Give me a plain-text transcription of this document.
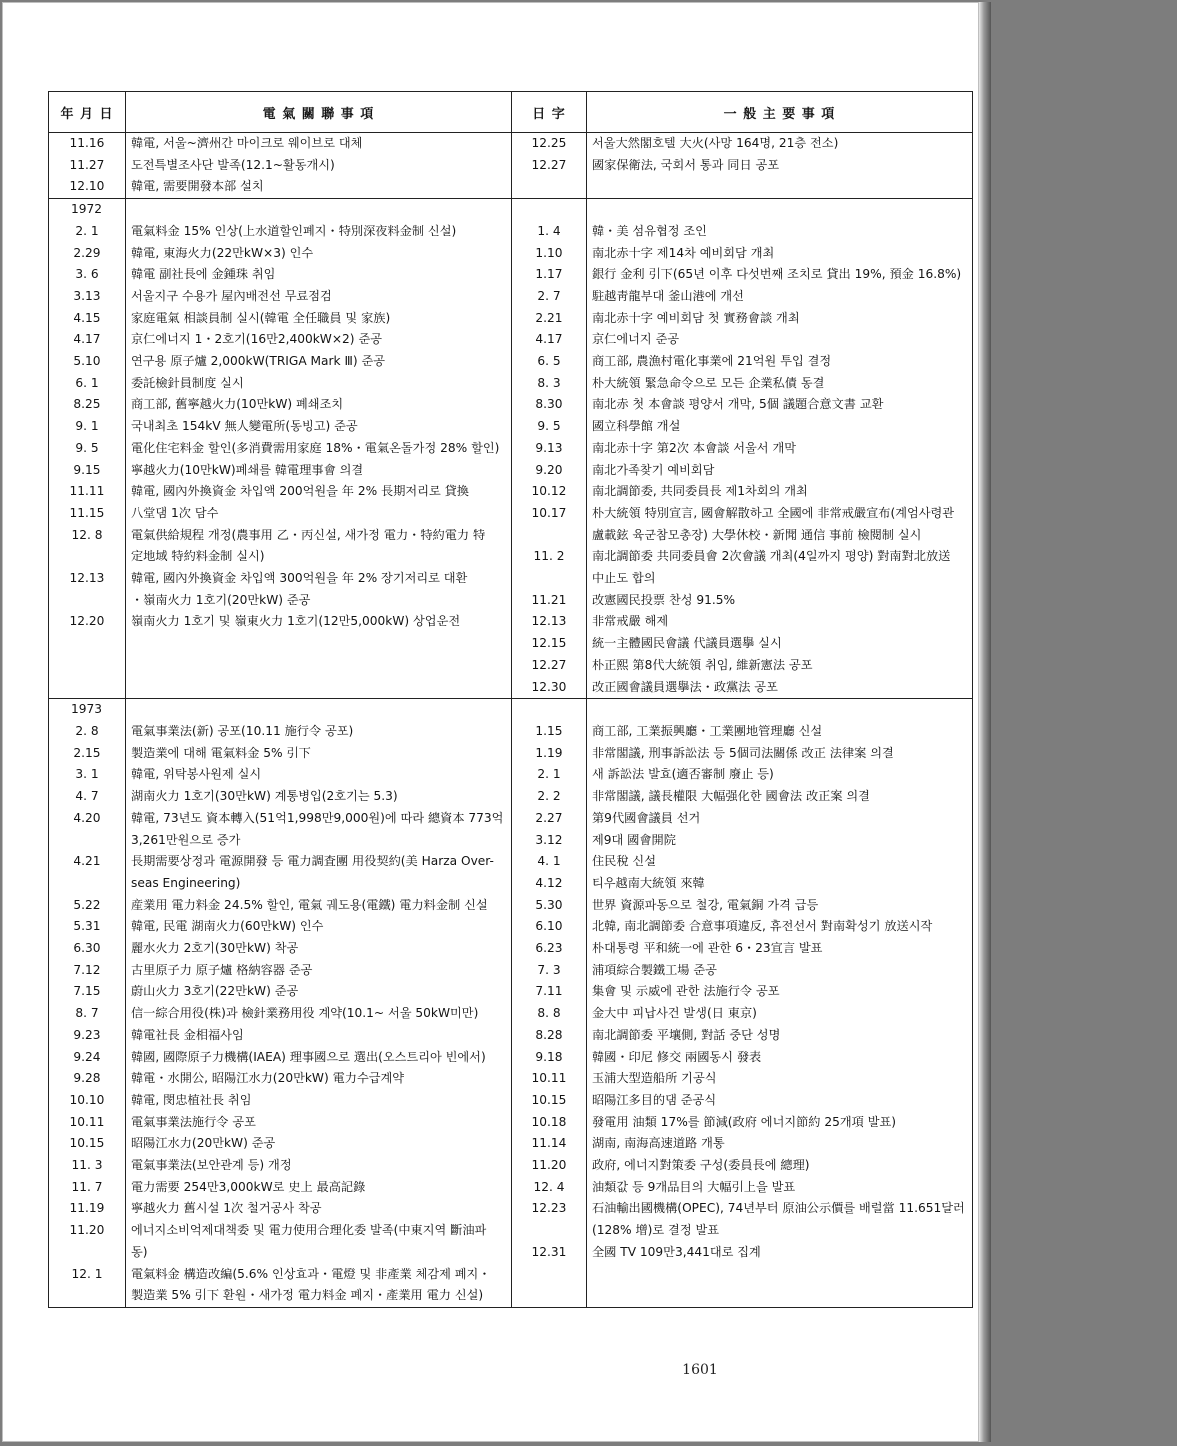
年 月 日	電 氣 關 聯 事 項	日 字	一 般 主 要 事 項
11.16	韓電, 서울~濟州간 마이크로 웨이브로 대체	12.25	서울大然閣호텔 大火(사망 164명, 21층 전소)
11.27	도전특별조사단 발족(12.1~활동개시)	12.27	國家保衛法, 국회서 통과 同日 공포
12.10	韓電, 需要開發本部 설치		
1972			
2. 1	電氣料金 15% 인상(上水道할인폐지・特別深夜料金制 신설)	1. 4	韓・美 섬유협정 조인
2.29	韓電, 東海火力(22만kW×3) 인수	1.10	南北赤十字 제14차 예비회담 개최
3. 6	韓電 副社長에 金鍾珠 취임	1.17	銀行 金利 引下(65년 이후 다섯번째 조치로 貸出 19%, 預金 16.8%)
3.13	서울지구 수용가 屋內배전선 무료점검	2. 7	駐越靑龍부대 釜山港에 개선
4.15	家庭電氣 相談員制 실시(韓電 全任職員 및 家族)	2.21	南北赤十字 예비회담 첫 實務會談 개최
4.17	京仁에너지 1・2호기(16만2,400kW×2) 준공	4.17	京仁에너지 준공
5.10	연구용 原子爐 2,000kW(TRIGA Mark Ⅲ) 준공	6. 5	商工部, 農漁村電化事業에 21억원 투입 결정
6. 1	委託檢針員制度 실시	8. 3	朴大統領 緊急命令으로 모든 企業私債 동결
8.25	商工部, 舊寧越火力(10만kW) 폐쇄조치	8.30	南北赤 첫 本會談 평양서 개막, 5個 議題合意文書 교환
9. 1	국내최초 154kV 無人變電所(동빙고) 준공	9. 5	國立科學館 개설
9. 5	電化住宅料金 할인(多消費需用家庭 18%・電氣온돌가정 28% 할인)	9.13	南北赤十字 第2次 本會談 서울서 개막
9.15	寧越火力(10만kW)폐쇄를 韓電理事會 의결	9.20	南北가족찾기 예비회담
11.11	韓電, 國內外換資金 차입액 200억원을 年 2% 長期저리로 貸換	10.12	南北調節委, 共同委員長 제1차회의 개최
11.15	八堂댐 1次 담수	10.17	朴大統領 特別宣言, 國會解散하고 全國에 非常戒嚴宣布(계엄사령관
12. 8	電氣供給規程 개정(農事用 乙・丙신설, 새가정 電力・特約電力 特		盧載鉉 육군참모총장) 大學休校・新聞 通信 事前 檢閱制 실시
	定地域 特約料金制 실시)	11. 2	南北調節委 共同委員會 2次會議 개최(4일까지 평양) 對南對北放送
12.13	韓電, 國內外換資金 차입액 300억원을 年 2% 장기저리로 대환		中止도 합의
	・嶺南火力 1호기(20만kW) 준공	11.21	改憲國民投票 찬성 91.5%
12.20	嶺南火力 1호기 및 嶺東火力 1호기(12만5,000kW) 상업운전	12.13	非常戒嚴 해제
		12.15	統一主體國民會議 代議員選擧 실시
		12.27	朴正熙 第8代大統領 취임, 維新憲法 공포
		12.30	改正國會議員選擧法・政黨法 공포
1973			
2. 8	電氣事業法(新) 공포(10.11 施行令 공포)	1.15	商工部, 工業振興廳・工業團地管理廳 신설
2.15	製造業에 대해 電氣料金 5% 引下	1.19	非常閣議, 刑事訴訟法 등 5個司法關係 改正 法律案 의결
3. 1	韓電, 위탁봉사원제 실시	2. 1	새 訴訟法 발효(適否審制 廢止 등)
4. 7	湖南火力 1호기(30만kW) 계통병입(2호기는 5.3)	2. 2	非常閣議, 議長權限 大幅强化한 國會法 改正案 의결
4.20	韓電, 73년도 資本轉入(51억1,998만9,000원)에 따라 總資本 773억	2.27	第9代國會議員 선거
	3,261만원으로 증가	3.12	제9대 國會開院
4.21	長期需要상정과 電源開發 등 電力調査團 用役契約(美 Harza Over-	4. 1	住民稅 신설
	seas Engineering)	4.12	티우越南大統領 來韓
5.22	産業用 電力料金 24.5% 할인, 電氣 궤도용(電鐵) 電力料金制 신설	5.30	世界 資源파동으로 철강, 電氣銅 가격 급등
5.31	韓電, 民電 湖南火力(60만kW) 인수	6.10	北韓, 南北調節委 合意事項違反, 휴전선서 對南확성기 放送시작
6.30	麗水火力 2호기(30만kW) 착공	6.23	朴대통령 平和統一에 관한 6・23宣言 발표
7.12	古里原子力 原子爐 格納容器 준공	7. 3	浦項綜合製鐵工場 준공
7.15	蔚山火力 3호기(22만kW) 준공	7.11	集會 및 示威에 관한 法施行令 공포
8. 7	信一綜合用役(株)과 檢針業務用役 계약(10.1~ 서울 50kW미만)	8. 8	金大中 피납사건 발생(日 東京)
9.23	韓電社長 金相福사임	8.28	南北調節委 平壤側, 對話 중단 성명
9.24	韓國, 國際原子力機構(IAEA) 理事國으로 選出(오스트리아 빈에서)	9.18	韓國・印尼 修交 兩國동시 發表
9.28	韓電・水開公, 昭陽江水力(20만kW) 電力수급계약	10.11	玉浦大型造船所 기공식
10.10	韓電, 閔忠植社長 취임	10.15	昭陽江多目的댐 준공식
10.11	電氣事業法施行令 공포	10.18	發電用 油類 17%를 節減(政府 에너지節約 25개項 발표)
10.15	昭陽江水力(20만kW) 준공	11.14	湖南, 南海高速道路 개통
11. 3	電氣事業法(보안관계 등) 개정	11.20	政府, 에너지對策委 구성(委員長에 總理)
11. 7	電力需要 254만3,000kW로 史上 最高記錄	12. 4	油類값 등 9개品目의 大幅引上을 발표
11.19	寧越火力 舊시설 1次 철거공사 착공	12.23	石油輸出國機構(OPEC), 74년부터 原油公示價를 배럴當 11.651달러
11.20	에너지소비억제대책委 및 電力使用合理化委 발족(中東지역 斷油파		(128% 增)로 결정 발표
	동)	12.31	全國 TV 109만3,441대로 집계
12. 1	電氣料金 構造改編(5.6% 인상효과・電燈 및 非產業 체감제 폐지・		
	製造業 5% 引下 환원・새가정 電力料金 폐지・產業用 電力 신설)		
1601
